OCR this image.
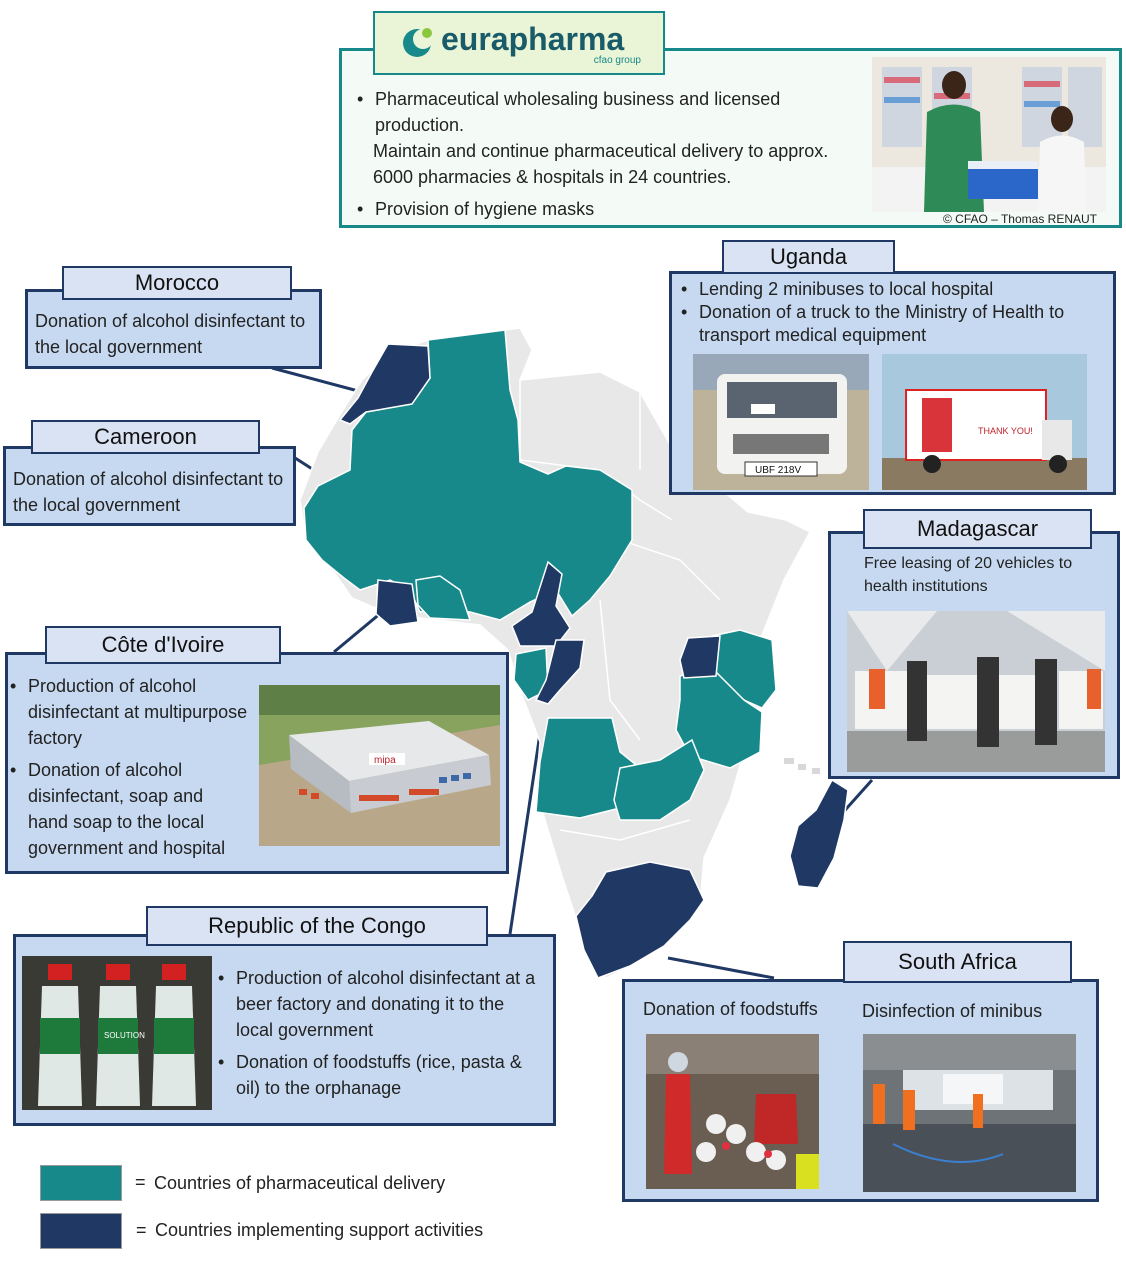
eurapharma
cfao group
• Pharmaceutical wholesaling business and licensed production.
Maintain and continue pharmaceutical delivery to approx. 6000 pharmacies & hospitals in 24 countries.
• Provision of hygiene masks	© CFAO – Thomas RENAUT
Morocco
Donation of alcohol disinfectant to the local government
Cameroon
Donation of alcohol disinfectant to the local government
Côte d'Ivoire
• Production of alcohol disinfectant at multipurpose factory
• Donation of alcohol disinfectant, soap and hand soap to the local government and hospital
mipa
Republic of the Congo
SOLUTION
• Production of alcohol disinfectant at a beer factory and donating it to the local government
• Donation of foodstuffs (rice, pasta & oil) to the orphanage
Uganda
• Lending 2 minibuses to local hospital
• Donation of a truck to the Ministry of Health to transport medical equipment
UBF 218V
THANK YOU!
Madagascar
Free leasing of 20 vehicles to health institutions
South Africa
Donation of foodstuffs Disinfection of minibus
= Countries of pharmaceutical delivery
= Countries implementing support activities
